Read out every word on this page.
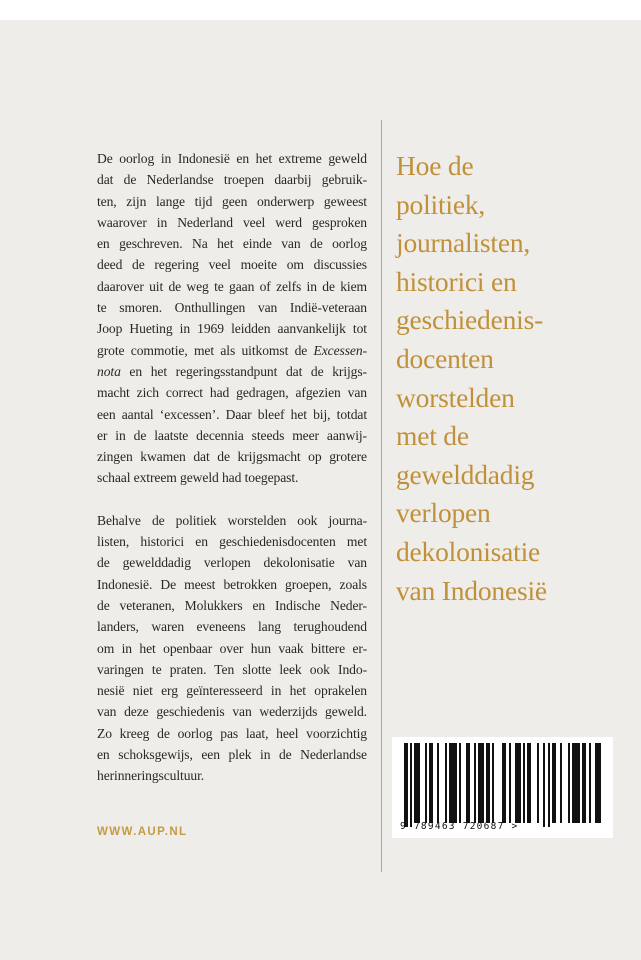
De oorlog in Indonesië en het extreme geweld
dat de Nederlandse troepen daarbij gebruik-
ten, zijn lange tijd geen onderwerp geweest
waarover in Nederland veel werd gesproken
en geschreven. Na het einde van de oorlog
deed de regering veel moeite om discussies
daarover uit de weg te gaan of zelfs in de kiem
te smoren. Onthullingen van Indië-veteraan
Joop Hueting in 1969 leidden aanvankelijk tot
grote commotie, met als uitkomst de Excessen-
nota en het regeringsstandpunt dat de krijgs-
macht zich correct had gedragen, afgezien van
een aantal ‘excessen’. Daar bleef het bij, totdat
er in de laatste decennia steeds meer aanwij-
zingen kwamen dat de krijgsmacht op grotere
schaal extreem geweld had toegepast.

Behalve de politiek worstelden ook journa-
listen, historici en geschiedenisdocenten met
de gewelddadig verlopen dekolonisatie van
Indonesië. De meest betrokken groepen, zoals
de veteranen, Molukkers en Indische Neder-
landers, waren eveneens lang terughoudend
om in het openbaar over hun vaak bittere er-
varingen te praten. Ten slotte leek ook Indo-
nesië niet erg geïnteresseerd in het oprakelen
van deze geschiedenis van wederzijds geweld.
Zo kreeg de oorlog pas laat, heel voorzichtig
en schoksgewijs, een plek in de Nederlandse
herinneringscultuur.

WWW.AUP.NL
Hoe de
politiek,
journalisten,
historici en
geschiedenis-
docenten
worstelden
met de
gewelddadig
verlopen
dekolonisatie
van Indonesië
9 789463 720687 >
